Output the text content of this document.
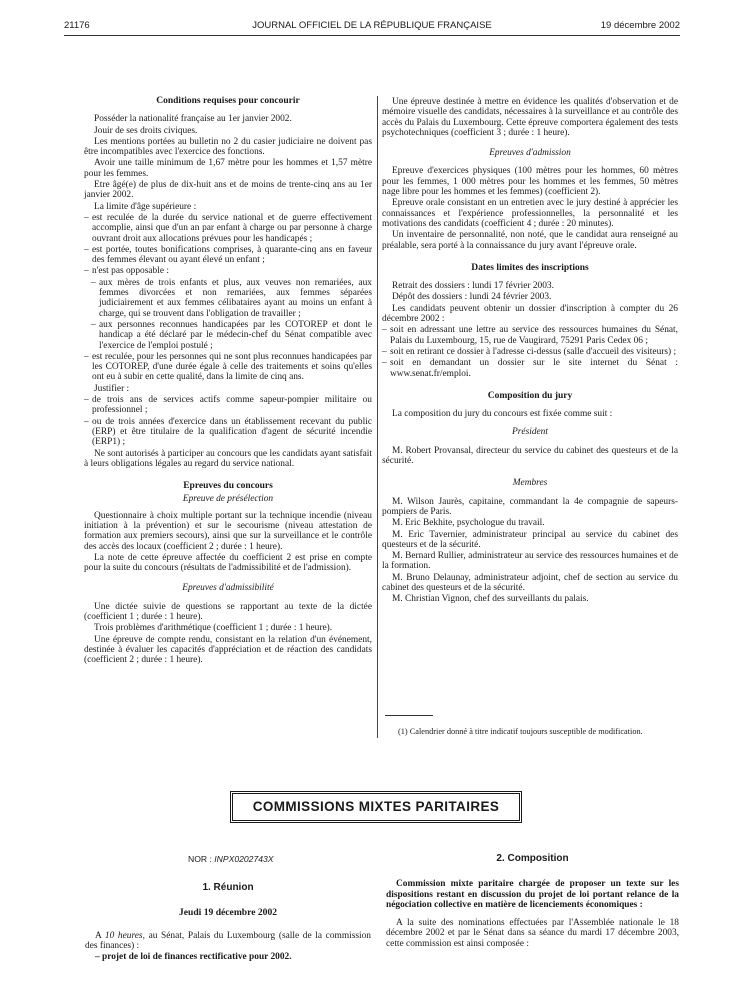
21176	JOURNAL OFFICIEL DE LA RÉPUBLIQUE FRANÇAISE	19 décembre 2002
Conditions requises pour concourir

Posséder la nationalité française au 1er janvier 2002.

Jouir de ses droits civiques.

Les mentions portées au bulletin no 2 du casier judiciaire ne doivent pas être incompatibles avec l'exercice des fonctions.

Avoir une taille minimum de 1,67 mètre pour les hommes et 1,57 mètre pour les femmes.

Etre âgé(e) de plus de dix-huit ans et de moins de trente-cinq ans au 1er janvier 2002.

La limite d'âge supérieure :

– est reculée de la durée du service national et de guerre effectivement accomplie, ainsi que d'un an par enfant à charge ou par personne à charge ouvrant droit aux allocations prévues pour les handicapés ;
– est portée, toutes bonifications comprises, à quarante-cinq ans en faveur des femmes élevant ou ayant élevé un enfant ;
– n'est pas opposable :
– aux mères de trois enfants et plus, aux veuves non remariées, aux femmes divorcées et non remariées, aux femmes séparées judiciairement et aux femmes célibataires ayant au moins un enfant à charge, qui se trouvent dans l'obligation de travailler ;
– aux personnes reconnues handicapées par les COTOREP et dont le handicap a été déclaré par le médecin-chef du Sénat compatible avec l'exercice de l'emploi postulé ;
– est reculée, pour les personnes qui ne sont plus reconnues handicapées par les COTOREP, d'une durée égale à celle des traitements et soins qu'elles ont eu à subir en cette qualité, dans la limite de cinq ans.

Justifier :

– de trois ans de services actifs comme sapeur-pompier militaire ou professionnel ;
– ou de trois années d'exercice dans un établissement recevant du public (ERP) et être titulaire de la qualification d'agent de sécurité incendie (ERP1) ;

Ne sont autorisés à participer au concours que les candidats ayant satisfait à leurs obligations légales au regard du service national.

Epreuves du concours
Epreuve de présélection

Questionnaire à choix multiple portant sur la technique incendie (niveau initiation à la prévention) et sur le secourisme (niveau attestation de formation aux premiers secours), ainsi que sur la surveillance et le contrôle des accès des locaux (coefficient 2 ; durée : 1 heure).

La note de cette épreuve affectée du coefficient 2 est prise en compte pour la suite du concours (résultats de l'admissibilité et de l'admission).

Epreuves d'admissibilité

Une dictée suivie de questions se rapportant au texte de la dictée (coefficient 1 ; durée : 1 heure).

Trois problèmes d'arithmétique (coefficient 1 ; durée : 1 heure).

Une épreuve de compte rendu, consistant en la relation d'un événement, destinée à évaluer les capacités d'appréciation et de réaction des candidats (coefficient 2 ; durée : 1 heure).

Une épreuve destinée à mettre en évidence les qualités d'observation et de mémoire visuelle des candidats, nécessaires à la surveillance et au contrôle des accès du Palais du Luxembourg. Cette épreuve comportera également des tests psychotechniques (coefficient 3 ; durée : 1 heure).

Epreuves d'admission

Epreuve d'exercices physiques (100 mètres pour les hommes, 60 mètres pour les femmes, 1 000 mètres pour les hommes et les femmes, 50 mètres nage libre pour les hommes et les femmes) (coefficient 2).

Epreuve orale consistant en un entretien avec le jury destiné à apprécier les connaissances et l'expérience professionnelles, la personnalité et les motivations des candidats (coefficient 4 ; durée : 20 minutes).

Un inventaire de personnalité, non noté, que le candidat aura renseigné au préalable, sera porté à la connaissance du jury avant l'épreuve orale.

Dates limites des inscriptions

Retrait des dossiers : lundi 17 février 2003.

Dépôt des dossiers : lundi 24 février 2003.

Les candidats peuvent obtenir un dossier d'inscription à compter du 26 décembre 2002 :

– soit en adressant une lettre au service des ressources humaines du Sénat, Palais du Luxembourg, 15, rue de Vaugirard, 75291 Paris Cedex 06 ;
– soit en retirant ce dossier à l'adresse ci-dessus (salle d'accueil des visiteurs) ;
– soit en demandant un dossier sur le site internet du Sénat : www.senat.fr/emploi.
Composition du jury

La composition du jury du concours est fixée comme suit :

Président

M. Robert Provansal, directeur du service du cabinet des questeurs et de la sécurité.

Membres

M. Wilson Jaurès, capitaine, commandant la 4e compagnie de sapeurs-pompiers de Paris.

M. Eric Bekhite, psychologue du travail.

M. Eric Tavernier, administrateur principal au service du cabinet des questeurs et de la sécurité.

M. Bernard Rullier, administrateur au service des ressources humaines et de la formation.

M. Bruno Delaunay, administrateur adjoint, chef de section au service du cabinet des questeurs et de la sécurité.

M. Christian Vignon, chef des surveillants du palais.

(1) Calendrier donné à titre indicatif toujours susceptible de modification.
COMMISSIONS MIXTES PARITAIRES
NOR : INPX0202743X
1. Réunion
Jeudi 19 décembre 2002

A 10 heures, au Sénat, Palais du Luxembourg (salle de la commission des finances) :

– projet de loi de finances rectificative pour 2002.

2. Composition
Commission mixte paritaire chargée de proposer un texte sur les dispositions restant en discussion du projet de loi portant relance de la négociation collective en matière de licenciements économiques :

A la suite des nominations effectuées par l'Assemblée nationale le 18 décembre 2002 et par le Sénat dans sa séance du mardi 17 décembre 2003, cette commission est ainsi composée :
